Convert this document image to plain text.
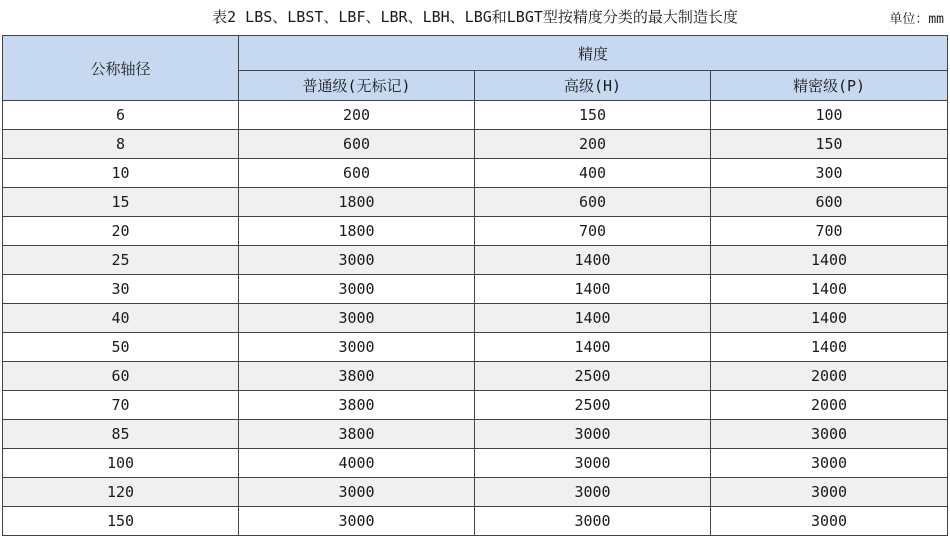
表2 LBS、LBST、LBF、LBR、LBH、LBG和LBGT型按精度分类的最大制造长度	单位：mm
公称轴径	精度		
	普通级(无标记)	高级(H)	精密级(P)
6	200	150	100
8	600	200	150
10	600	400	300
15	1800	600	600
20	1800	700	700
25	3000	1400	1400
30	3000	1400	1400
40	3000	1400	1400
50	3000	1400	1400
60	3800	2500	2000
70	3800	2500	2000
85	3800	3000	3000
100	4000	3000	3000
120	3000	3000	3000
150	3000	3000	3000
